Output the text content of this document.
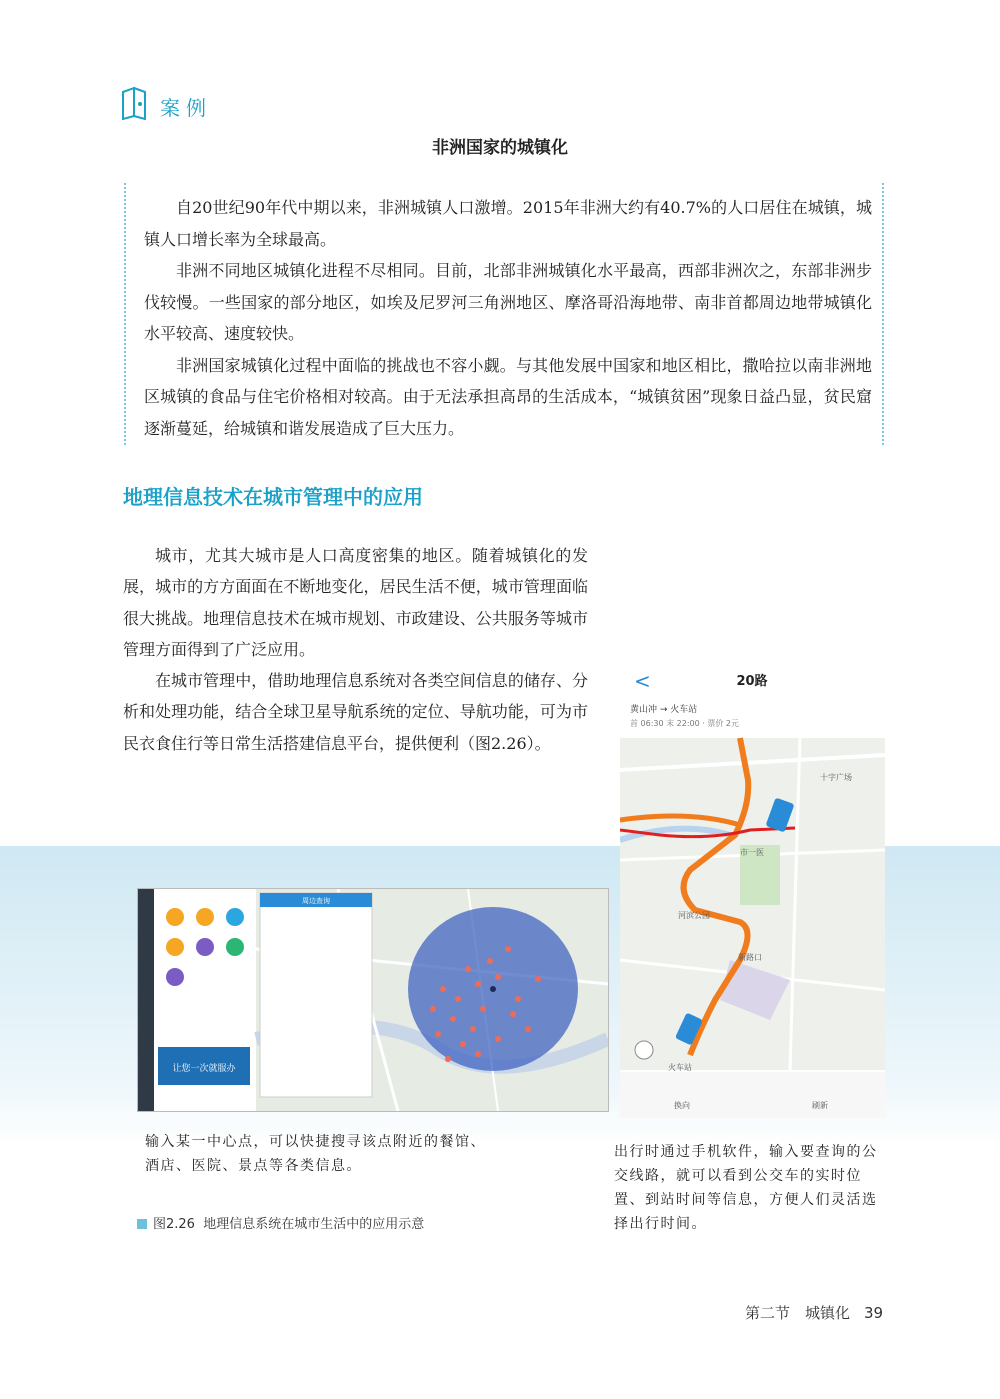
案例
非洲国家的城镇化

自20世纪90年代中期以来，非洲城镇人口激增。2015年非洲大约有40.7%的人口居住在城镇，城镇人口增长率为全球最高。

非洲不同地区城镇化进程不尽相同。目前，北部非洲城镇化水平最高，西部非洲次之，东部非洲步伐较慢。一些国家的部分地区，如埃及尼罗河三角洲地区、摩洛哥沿海地带、南非首都周边地带城镇化水平较高、速度较快。

非洲国家城镇化过程中面临的挑战也不容小觑。与其他发展中国家和地区相比，撒哈拉以南非洲地区城镇的食品与住宅价格相对较高。由于无法承担高昂的生活成本，“城镇贫困”现象日益凸显，贫民窟逐渐蔓延，给城镇和谐发展造成了巨大压力。

地理信息技术在城市管理中的应用

城市，尤其大城市是人口高度密集的地区。随着城镇化的发展，城市的方方面面在不断地变化，居民生活不便，城市管理面临很大挑战。地理信息技术在城市规划、市政建设、公共服务等城市管理方面得到了广泛应用。

在城市管理中，借助地理信息系统对各类空间信息的储存、分析和处理功能，结合全球卫星导航系统的定位、导航功能，可为市民衣食住行等日常生活搭建信息平台，提供便利（图2.26）。

让您一次就服办
周边查询
<	20路
黄山冲 → 火车站
首 06:30 末 22:00 · 票价 2元
十字广场
市一医
河滨公园
新路口
火车站
换向	刷新
输入某一中心点，可以快捷搜寻该点附近的餐馆、酒店、医院、景点等各类信息。
出行时通过手机软件，输入要查询的公交线路，就可以看到公交车的实时位置、到站时间等信息，方便人们灵活选择出行时间。
图2.26 地理信息系统在城市生活中的应用示意
第二节　城镇化 39
